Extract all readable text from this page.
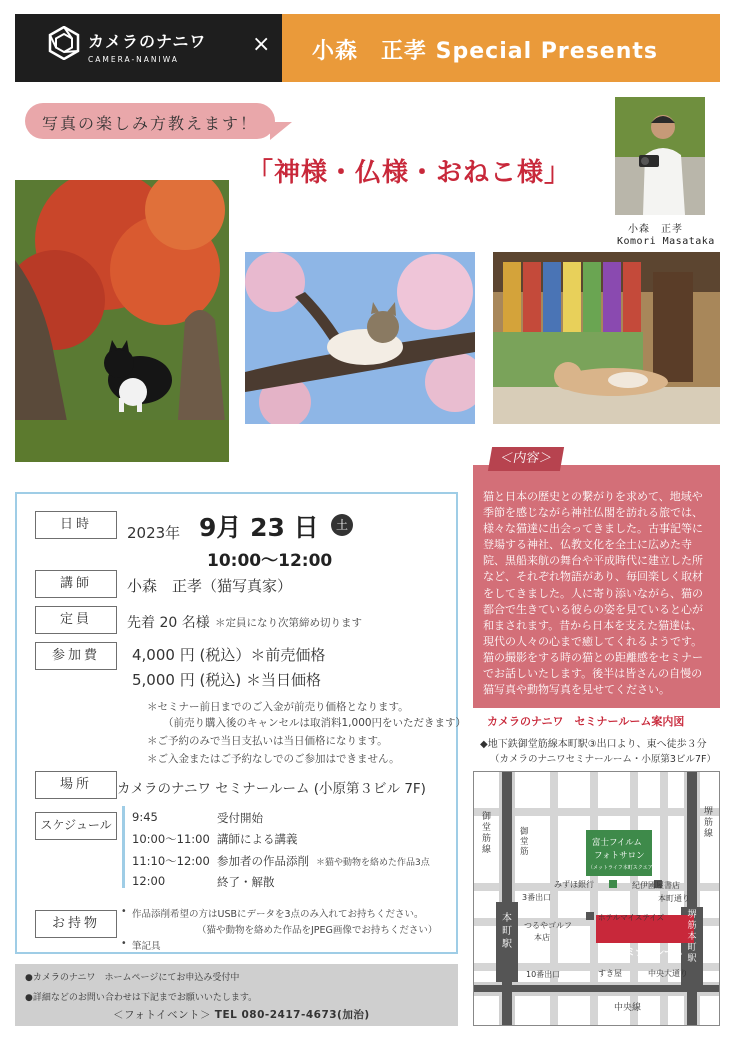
カメラのナニワ
CAMERA-NANIWA
× 小森　正孝 Special Presents
写真の楽しみ方教えます！
「神様・仏様・おねこ様」
小森　正孝
Komori Masataka
日時	2023年 9月 23 日	土
10:00〜12:00
講師	小森　正孝（猫写真家）
定員	先着 20 名様 ＊定員になり次第締め切ります
参加費	4,000 円 (税込）＊前売価格
5,000 円 (税込) ＊当日価格
＊セミナー前日までのご入金が前売り価格となります。
（前売り購入後のキャンセルは取消料1,000円をいただきます）
＊ご予約のみで当日支払いは当日価格になります。
＊ご入金またはご予約なしでのご参加はできません。
場所	カメラのナニワ セミナールーム (小原第３ビル 7F)
スケジュール
9:45	受付開始
10:00〜11:00 講師による講義
11:10〜12:00 参加者の作品添削 ＊猫や動物を絡めた作品3点
12:00	終了・解散
お持物
• 作品添削希望の方はUSBにデータを3点のみ入れてお持ちください。
（猫や動物を絡めた作品をJPEG画像でお持ちください）
• 筆記具
＜内容＞
猫と日本の歴史との繋がりを求めて、地域や季節を感じながら神社仏閣を訪れる旅では、様々な猫達に出会ってきました。古事記等に登場する神社、仏教文化を全土に広めた寺院、黒船来航の舞台や平成時代に建立した所など、それぞれ物語があり、毎回楽しく取材をしてきました。人に寄り添いながら、猫の都合で生きている彼らの姿を見ていると心が和まされます。昔から日本を支えた猫達は、現代の人々の心まで癒してくれるようです。猫の撮影をする時の猫との距離感をセミナーでお話しいたします。後半は皆さんの自慢の猫写真や動物写真を見せてください。
カメラのナニワ　セミナールーム案内図
◆地下鉄御堂筋線本町駅③出口より、東へ徒歩３分
（カメラのナニワセミナールーム・小原第3ビル7F）
御堂筋線
御堂筋
堺筋線
富士フイルム
フォトサロン
（メットライフ本町スクエア）
3番出口
みずほ銀行	紀伊國屋書店
本町通り
つるやゴルフ
本店
ホテルマイステイズ
7F セミナールーム
本町駅
堺筋本町駅
10番出口	すき屋	中央大通り
中央線
●カメラのナニワ　ホームページにてお申込み受付中
●詳細などのお問い合わせは下記までお願いいたします。
＜フォトイベント＞ TEL 080-2417-4673(加治)
